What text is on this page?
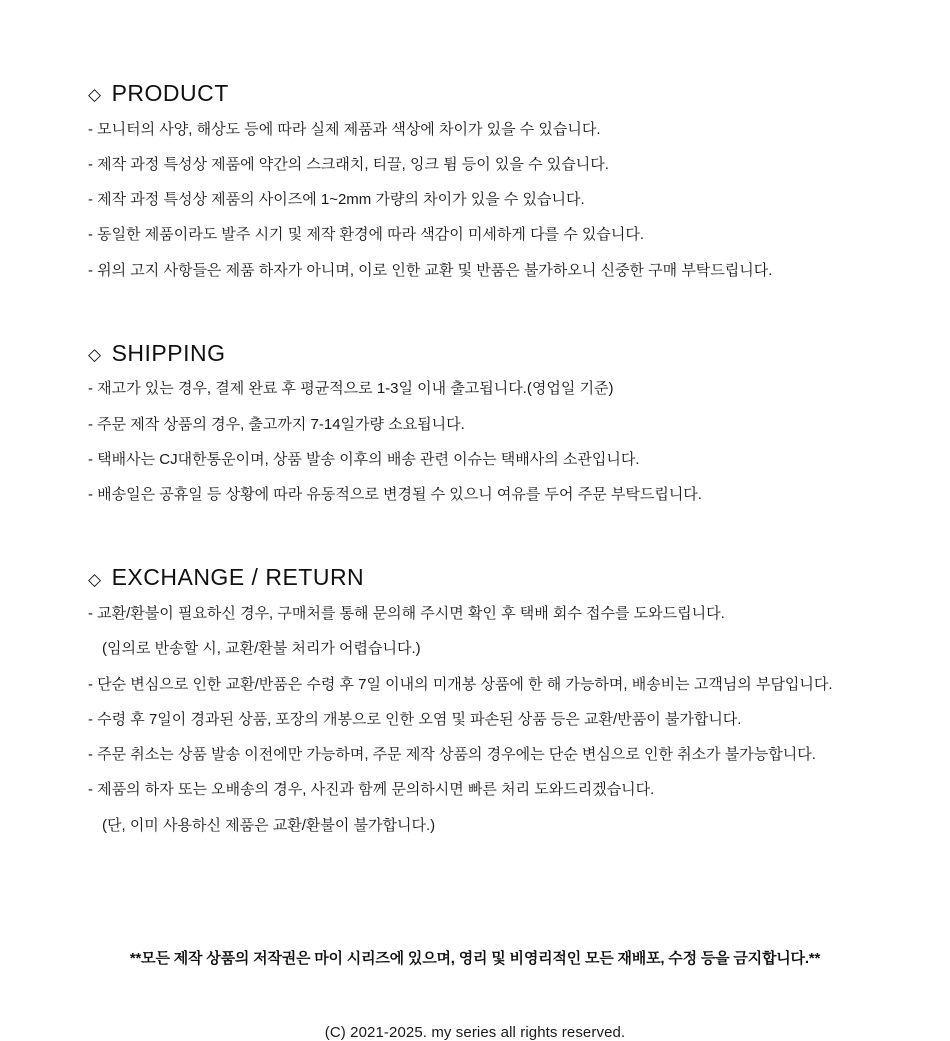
◇ PRODUCT
- 모니터의 사양, 해상도 등에 따라 실제 제품과 색상에 차이가 있을 수 있습니다.
- 제작 과정 특성상 제품에 약간의 스크래치, 티끌, 잉크 튐 등이 있을 수 있습니다.
- 제작 과정 특성상 제품의 사이즈에 1~2mm 가량의 차이가 있을 수 있습니다.
- 동일한 제품이라도 발주 시기 및 제작 환경에 따라 색감이 미세하게 다를 수 있습니다.
- 위의 고지 사항들은 제품 하자가 아니며, 이로 인한 교환 및 반품은 불가하오니 신중한 구매 부탁드립니다.
◇ SHIPPING
- 재고가 있는 경우, 결제 완료 후 평균적으로 1-3일 이내 출고됩니다.(영업일 기준)
- 주문 제작 상품의 경우, 출고까지 7-14일가량 소요됩니다.
- 택배사는 CJ대한통운이며, 상품 발송 이후의 배송 관련 이슈는 택배사의 소관입니다.
- 배송일은 공휴일 등 상황에 따라 유동적으로 변경될 수 있으니 여유를 두어 주문 부탁드립니다.
◇ EXCHANGE / RETURN
- 교환/환불이 필요하신 경우, 구매처를 통해 문의해 주시면 확인 후 택배 회수 접수를 도와드립니다.
(임의로 반송할 시, 교환/환불 처리가 어렵습니다.)
- 단순 변심으로 인한 교환/반품은 수령 후 7일 이내의 미개봉 상품에 한 해 가능하며, 배송비는 고객님의 부담입니다.
- 수령 후 7일이 경과된 상품, 포장의 개봉으로 인한 오염 및 파손된 상품 등은 교환/반품이 불가합니다.
- 주문 취소는 상품 발송 이전에만 가능하며, 주문 제작 상품의 경우에는 단순 변심으로 인한 취소가 불가능합니다.
- 제품의 하자 또는 오배송의 경우, 사진과 함께 문의하시면 빠른 처리 도와드리겠습니다.
(단, 이미 사용하신 제품은 교환/환불이 불가합니다.)

**모든 제작 상품의 저작권은 마이 시리즈에 있으며, 영리 및 비영리적인 모든 재배포, 수정 등을 금지합니다.**

(C) 2021-2025. my series all rights reserved.
